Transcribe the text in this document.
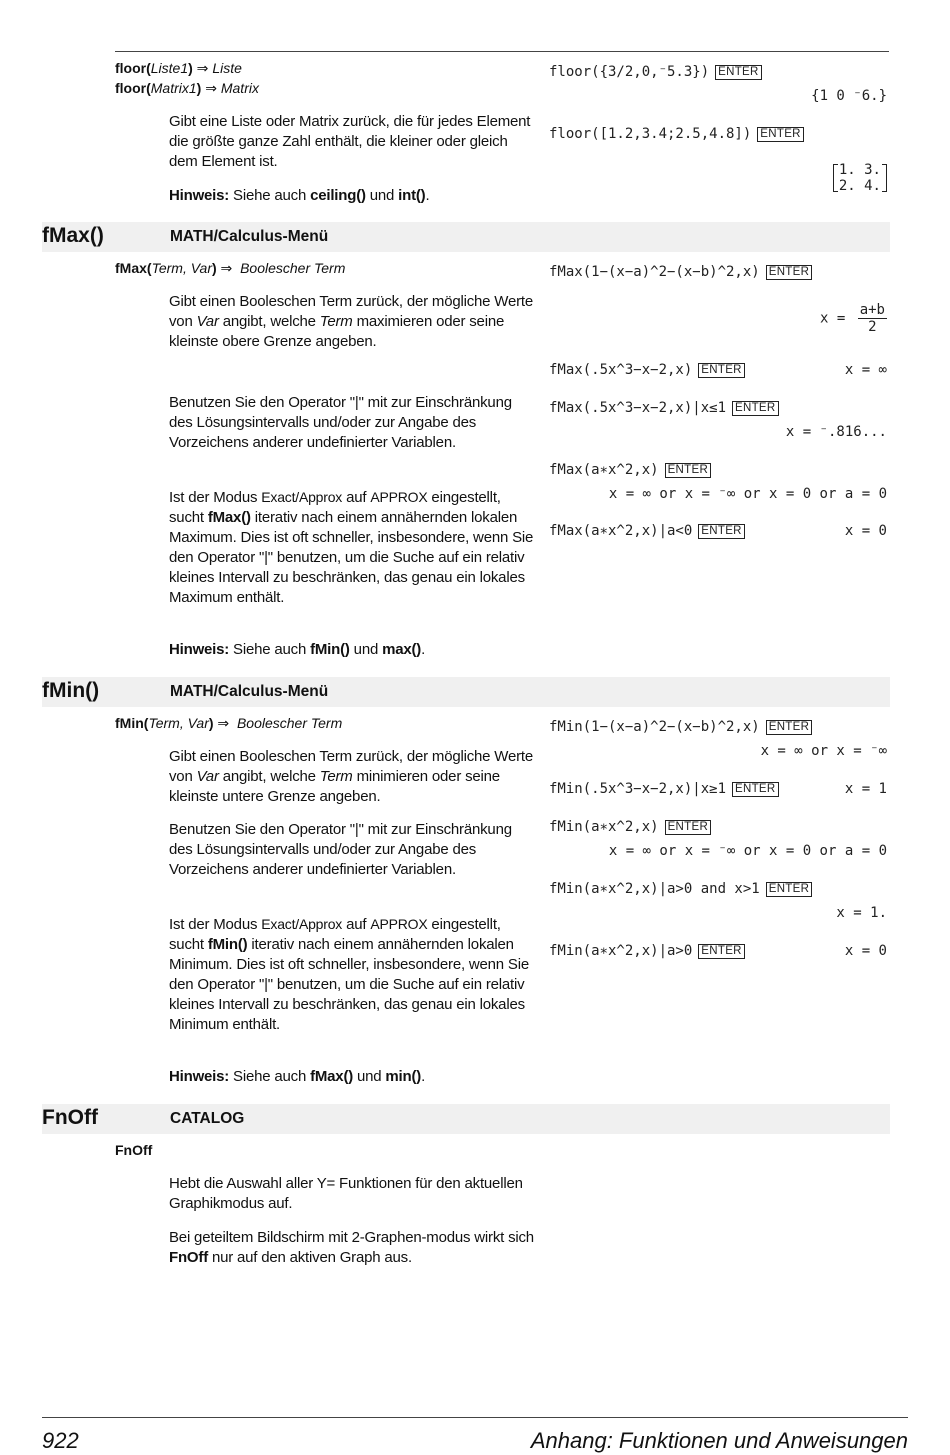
floor(Liste1) ⇒ Liste
floor(Matrix1) ⇒ Matrix
Gibt eine Liste oder Matrix zurück, die für jedes Element die größte ganze Zahl enthält, die kleiner oder gleich dem Element ist.
Hinweis: Siehe auch ceiling() und int().
floor({3/2,0,⁻5.3}) ENTER
{1 0 ⁻6.}
floor([1.2,3.4;2.5,4.8]) ENTER
1. 3.
2. 4.
fMax()	MATH/Calculus-Menü
fMax(Term, Var) ⇒  Boolescher Term
Gibt einen Booleschen Term zurück, der mögliche Werte von Var angibt, welche Term maximieren oder seine kleinste obere Grenze angeben.
Benutzen Sie den Operator "|" mit zur Einschränkung des Lösungsintervalls und/oder zur Angabe des Vorzeichens anderer undefinierter Variablen.
Ist der Modus Exact/Approx auf APPROX eingestellt, sucht fMax() iterativ nach einem annähernden lokalen Maximum. Dies ist oft schneller, insbesondere, wenn Sie den Operator "|" benutzen, um die Suche auf ein relativ kleines Intervall zu beschränken, das genau ein lokales Maximum enthält.
Hinweis: Siehe auch fMin() und max().
fMax(1−(x−a)^2−(x−b)^2,x) ENTER
$x = \frac{a+b}{2}$
fMax(.5x^3−x−2,x) ENTER	x = ∞
fMax(.5x^3−x−2,x)|x≤1 ENTER
x = ⁻.816...
fMax(a∗x^2,x) ENTER
x = ∞ or x = ⁻∞ or x = 0 or a = 0
fMax(a∗x^2,x)|a<0 ENTER	x = 0
fMin()	MATH/Calculus-Menü
fMin(Term, Var) ⇒  Boolescher Term
Gibt einen Booleschen Term zurück, der mögliche Werte von Var angibt, welche Term minimieren oder seine kleinste untere Grenze angeben.
Benutzen Sie den Operator "|" mit zur Einschränkung des Lösungsintervalls und/oder zur Angabe des Vorzeichens anderer undefinierter Variablen.
Ist der Modus Exact/Approx auf APPROX eingestellt, sucht fMin() iterativ nach einem annähernden lokalen Minimum. Dies ist oft schneller, insbesondere, wenn Sie den Operator "|" benutzen, um die Suche auf ein relativ kleines Intervall zu beschränken, das genau ein lokales Minimum enthält.
Hinweis: Siehe auch fMax() und min().
fMin(1−(x−a)^2−(x−b)^2,x) ENTER
x = ∞ or x = ⁻∞
fMin(.5x^3−x−2,x)|x≥1 ENTER	x = 1
fMin(a∗x^2,x) ENTER
x = ∞ or x = ⁻∞ or x = 0 or a = 0
fMin(a∗x^2,x)|a>0 and x>1 ENTER
x = 1.
fMin(a∗x^2,x)|a>0 ENTER	x = 0
FnOff	CATALOG
FnOff
Hebt die Auswahl aller Y= Funktionen für den aktuellen Graphikmodus auf.
Bei geteiltem Bildschirm mit 2-Graphen-modus wirkt sich FnOff nur auf den aktiven Graph aus.
922	Anhang: Funktionen und Anweisungen
